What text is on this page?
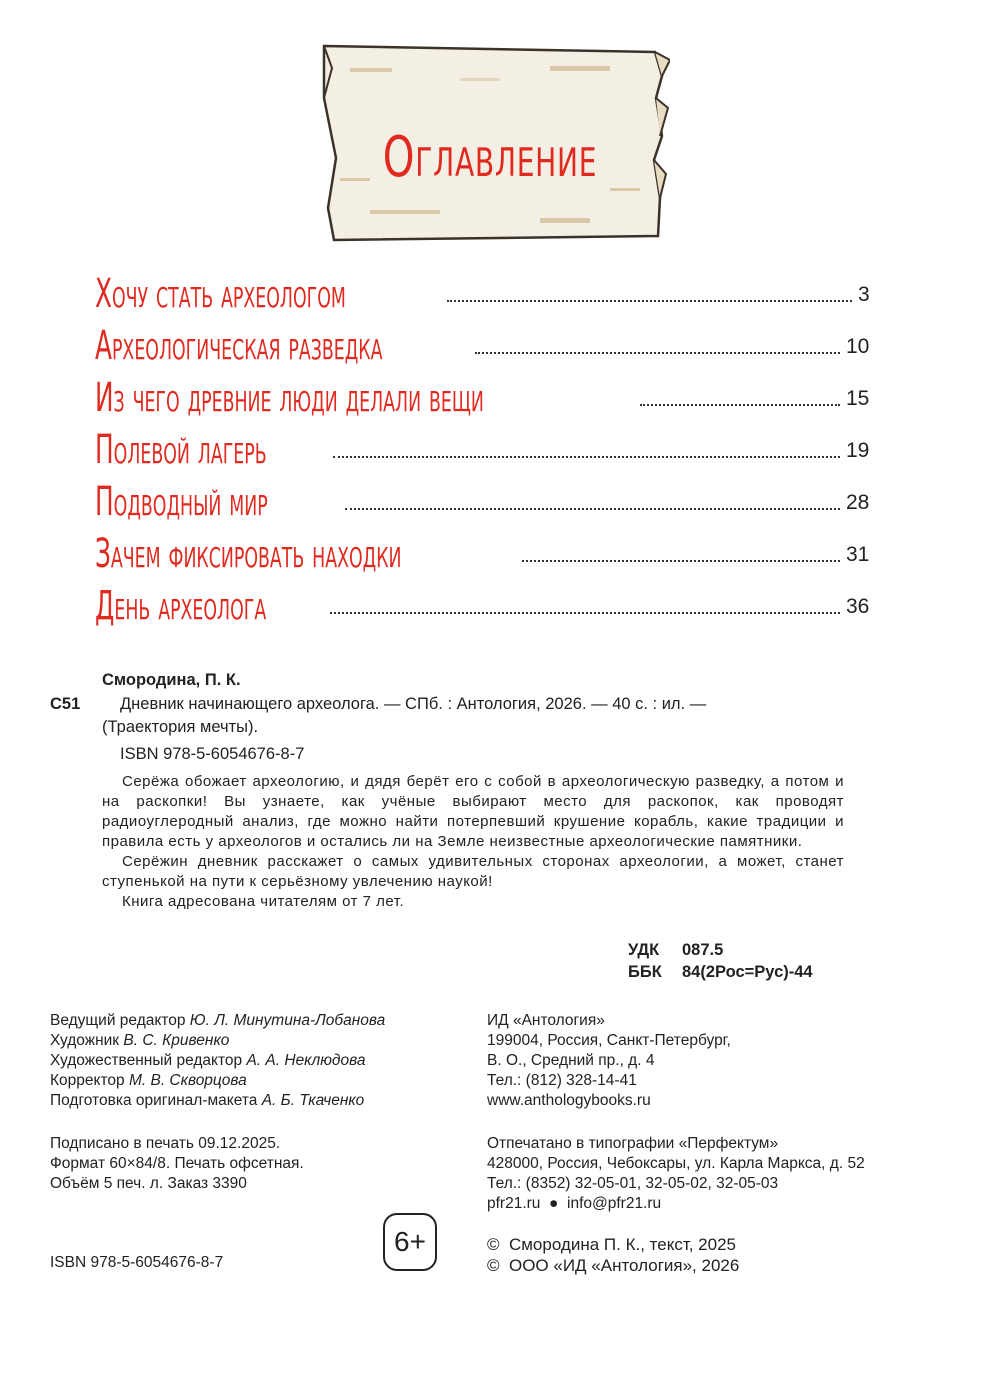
Оглавление
Хочу стать археологом
Археологическая разведка
Из чего древние люди делали вещи
Полевой лагерь
Подводный мир
Зачем фиксировать находки
День археолога
3
10
15
19
28
31
36
Смородина, П. К.
С51 Дневник начинающего археолога. — СПб. : Антология, 2026. — 40 с. : ил. —
(Траектория мечты).
ISBN 978-5-6054676-8-7

Серёжа обожает археологию, и дядя берёт его с собой в археологическую разведку, а потом и на раскопки! Вы узнаете, как учёные выбирают место для раскопок, как проводят радиоуглеродный анализ, где можно найти потерпевший крушение корабль, какие традиции и правила есть у археологов и остались ли на Земле неизвестные археологические памятники.

Серёжин дневник расскажет о самых удивительных сторонах археологии, а может, станет ступенькой на пути к серьёзному увлечению наукой!

Книга адресована читателям от 7 лет.

УДК 087.5
ББК 84(2Рос=Рус)-44
Ведущий редактор Ю. Л. Минутина-Лобанова
Художник В. С. Кривенко
Художественный редактор А. А. Неклюдова
Корректор М. В. Скворцова
Подготовка оригинал-макета А. Б. Ткаченко
ИД «Антология»
199004, Россия, Санкт-Петербург,
В. О., Средний пр., д. 4
Тел.: (812) 328-14-41
www.anthologybooks.ru
Подписано в печать 09.12.2025.
Формат 60×84/8. Печать офсетная.
Объём 5 печ. л. Заказ 3390
Отпечатано в типографии «Перфектум»
428000, Россия, Чебоксары, ул. Карла Маркса, д. 52
Тел.: (8352) 32-05-01, 32-05-02, 32-05-03
pfr21.ru  ●  info@pfr21.ru
6+
ISBN 978-5-6054676-8-7
©  Смородина П. К., текст, 2025
©  ООО «ИД «Антология», 2026
